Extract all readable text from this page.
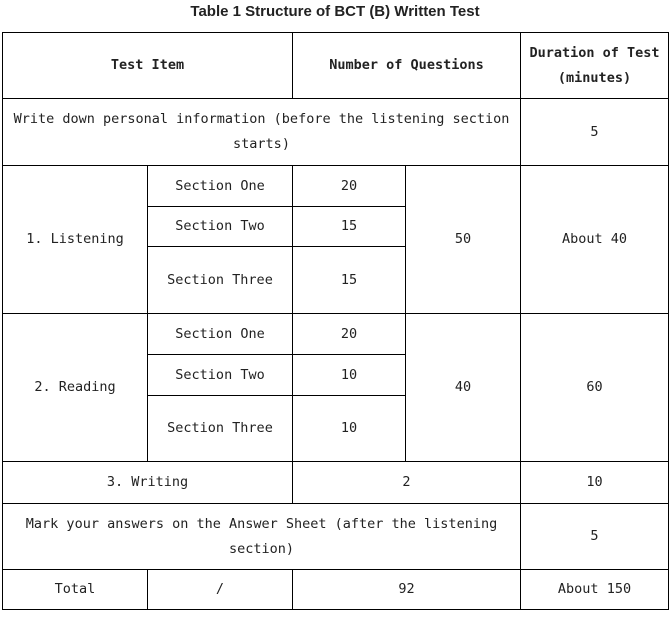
Table 1 Structure of BCT (B) Written Test
Test Item		Number of Questions		Duration of Test (minutes)
Write down personal information (before the listening section starts)				5
1. Listening	Section One	20	50	About 40
	Section Two	15		
	Section Three	15		
2. Reading	Section One	20	40	60
	Section Two	10		
	Section Three	10		
3. Writing		2		10
Mark your answers on the Answer Sheet (after the listening section)				5
Total	/	92		About 150
